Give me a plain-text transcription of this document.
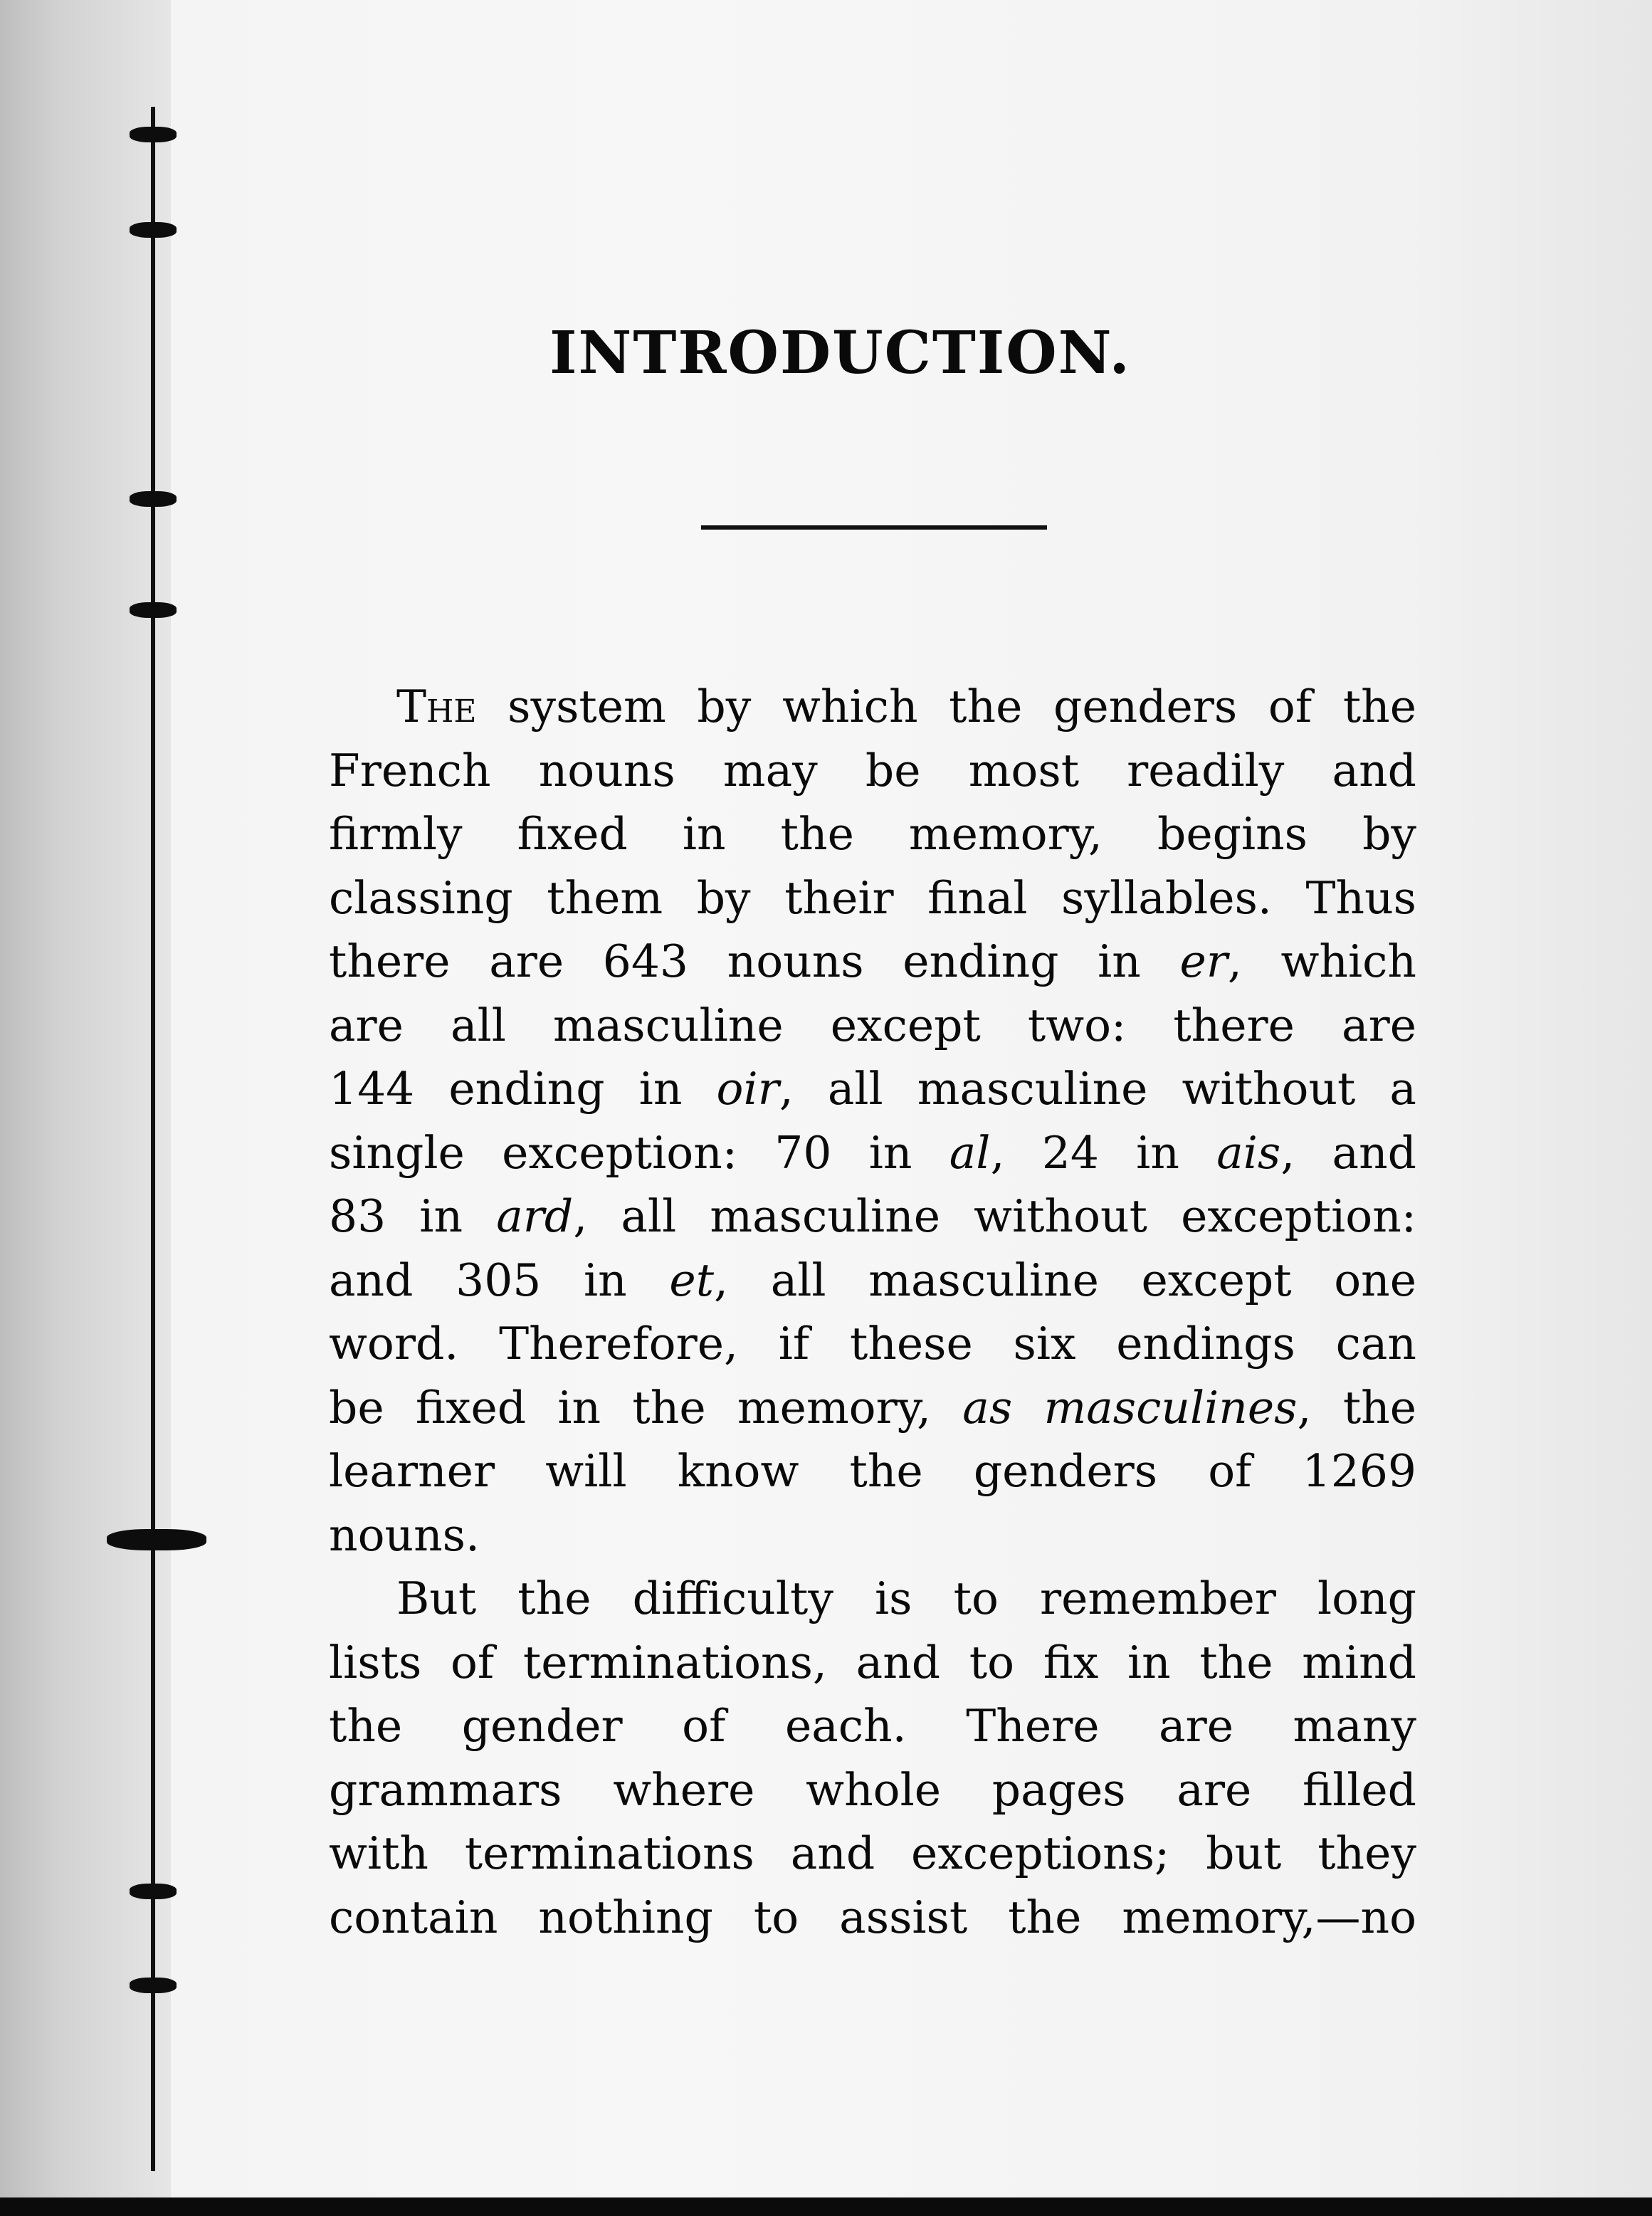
INTRODUCTION.

The system by which the genders of the
French nouns may be most readily and
firmly fixed in the memory, begins by
classing them by their final syllables. Thus
there are 643 nouns ending in er, which
are all masculine except two: there are
144 ending in oir, all masculine without a
single exception: 70 in al, 24 in ais, and
83 in ard, all masculine without exception:
and 305 in et, all masculine except one
word. Therefore, if these six endings can
be fixed in the memory, as masculines, the
learner will know the genders of 1269
nouns.

But the difficulty is to remember long
lists of terminations, and to fix in the mind
the gender of each. There are many
grammars where whole pages are filled
with terminations and exceptions; but they
contain nothing to assist the memory,—no
